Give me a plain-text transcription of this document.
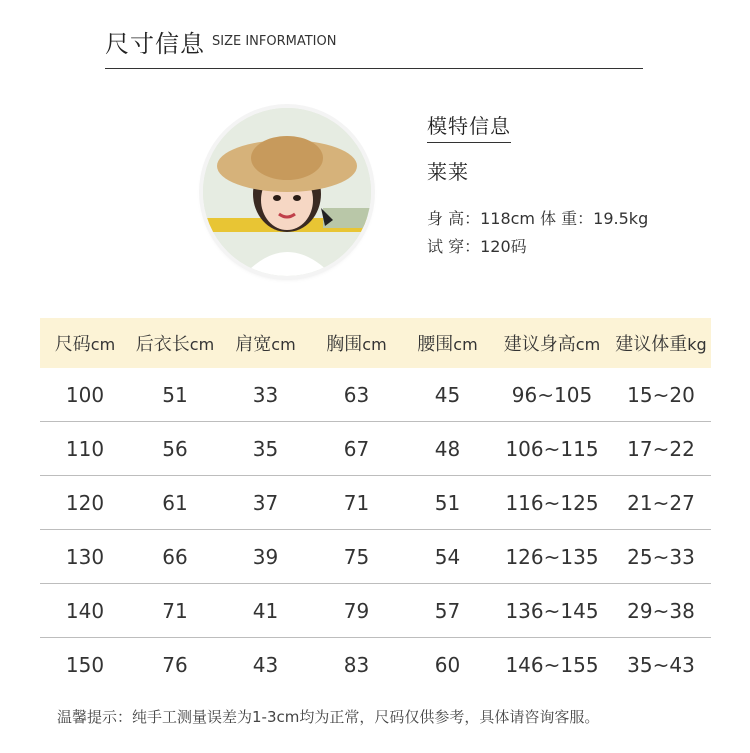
尺寸信息 SIZE INFORMATION
模特信息
莱莱
身 高：118cm 体 重：19.5kg
试 穿：120码
尺码cm	后衣长cm	肩宽cm	胸围cm	腰围cm	建议身高cm 建议体重kg
100	51	33	63	45	96~105	15~20
110	56	35	67	48	106~115	17~22
120	61	37	71	51	116~125	21~27
130	66	39	75	54	126~135	25~33
140	71	41	79	57	136~145	29~38
150	76	43	83	60	146~155	35~43
温馨提示：纯手工测量误差为1-3cm均为正常，尺码仅供参考，具体请咨询客服。
